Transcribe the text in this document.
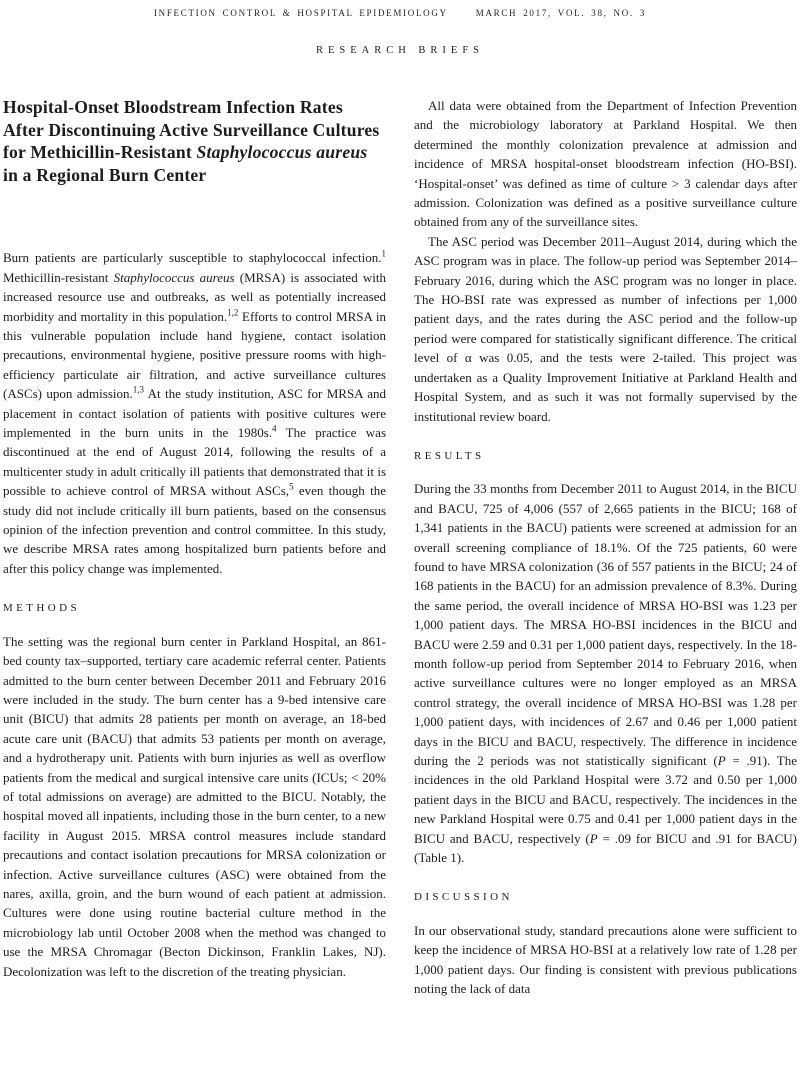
INFECTION CONTROL & HOSPITAL EPIDEMIOLOGY	MARCH 2017, VOL. 38, NO. 3
RESEARCH BRIEFS
Hospital-Onset Bloodstream Infection Rates After Discontinuing Active Surveillance Cultures for Methicillin-Resistant Staphylococcus aureus in a Regional Burn Center

Burn patients are particularly susceptible to staphylococcal infection.$^1$ Methicillin-resistant Staphylococcus aureus (MRSA) is associated with increased resource use and outbreaks, as well as potentially increased morbidity and mortality in this population.$^{1,2}$ Efforts to control MRSA in this vulnerable population include hand hygiene, contact isolation precautions, environmental hygiene, positive pressure rooms with high-efficiency particulate air filtration, and active surveillance cultures (ASCs) upon admission.$^{1,3}$ At the study institution, ASC for MRSA and placement in contact isolation of patients with positive cultures were implemented in the burn units in the 1980s.$^4$ The practice was discontinued at the end of August 2014, following the results of a multicenter study in adult critically ill patients that demonstrated that it is possible to achieve control of MRSA without ASCs,$^5$ even though the study did not include critically ill burn patients, based on the consensus opinion of the infection prevention and control committee. In this study, we describe MRSA rates among hospitalized burn patients before and after this policy change was implemented.

METHODS

The setting was the regional burn center in Parkland Hospital, an 861-bed county tax–supported, tertiary care academic referral center. Patients admitted to the burn center between December 2011 and February 2016 were included in the study. The burn center has a 9-bed intensive care unit (BICU) that admits 28 patients per month on average, an 18-bed acute care unit (BACU) that admits 53 patients per month on average, and a hydrotherapy unit. Patients with burn injuries as well as overflow patients from the medical and surgical intensive care units (ICUs; < 20% of total admissions on average) are admitted to the BICU. Notably, the hospital moved all inpatients, including those in the burn center, to a new facility in August 2015. MRSA control measures include standard precautions and contact isolation precautions for MRSA colonization or infection. Active surveillance cultures (ASC) were obtained from the nares, axilla, groin, and the burn wound of each patient at admission. Cultures were done using routine bacterial culture method in the microbiology lab until October 2008 when the method was changed to use the MRSA Chromagar (Becton Dickinson, Franklin Lakes, NJ). Decolonization was left to the discretion of the treating physician.

All data were obtained from the Department of Infection Prevention and the microbiology laboratory at Parkland Hospital. We then determined the monthly colonization prevalence at admission and incidence of MRSA hospital-onset bloodstream infection (HO-BSI). ‘Hospital-onset’ was defined as time of culture > 3 calendar days after admission. Colonization was defined as a positive surveillance culture obtained from any of the surveillance sites.

The ASC period was December 2011–August 2014, during which the ASC program was in place. The follow-up period was September 2014–February 2016, during which the ASC program was no longer in place. The HO-BSI rate was expressed as number of infections per 1,000 patient days, and the rates during the ASC period and the follow-up period were compared for statistically significant difference. The critical level of α was 0.05, and the tests were 2-tailed. This project was undertaken as a Quality Improvement Initiative at Parkland Health and Hospital System, and as such it was not formally supervised by the institutional review board.

RESULTS

During the 33 months from December 2011 to August 2014, in the BICU and BACU, 725 of 4,006 (557 of 2,665 patients in the BICU; 168 of 1,341 patients in the BACU) patients were screened at admission for an overall screening compliance of 18.1%. Of the 725 patients, 60 were found to have MRSA colonization (36 of 557 patients in the BICU; 24 of 168 patients in the BACU) for an admission prevalence of 8.3%. During the same period, the overall incidence of MRSA HO-BSI was 1.23 per 1,000 patient days. The MRSA HO-BSI incidences in the BICU and BACU were 2.59 and 0.31 per 1,000 patient days, respectively. In the 18-month follow-up period from September 2014 to February 2016, when active surveillance cultures were no longer employed as an MRSA control strategy, the overall incidence of MRSA HO-BSI was 1.28 per 1,000 patient days, with incidences of 2.67 and 0.46 per 1,000 patient days in the BICU and BACU, respectively. The difference in incidence during the 2 periods was not statistically significant (P = .91). The incidences in the old Parkland Hospital were 3.72 and 0.50 per 1,000 patient days in the BICU and BACU, respectively. The incidences in the new Parkland Hospital were 0.75 and 0.41 per 1,000 patient days in the BICU and BACU, respectively (P = .09 for BICU and .91 for BACU) (Table 1).

DISCUSSION

In our observational study, standard precautions alone were sufficient to keep the incidence of MRSA HO-BSI at a relatively low rate of 1.28 per 1,000 patient days. Our finding is consistent with previous publications noting the lack of data
